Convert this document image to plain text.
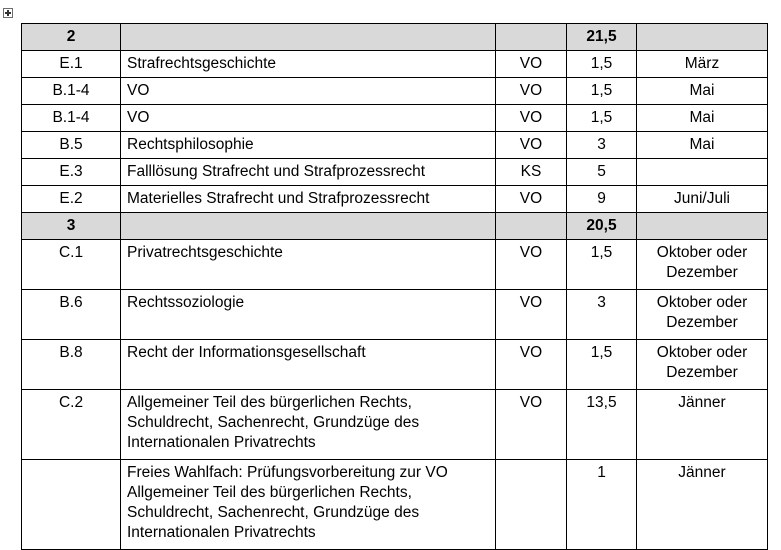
2			21,5	
E.1	Strafrechtsgeschichte	VO	1,5	März
B.1-4	VO	VO	1,5	Mai
B.1-4	VO	VO	1,5	Mai
B.5	Rechtsphilosophie	VO	3	Mai
E.3	Falllösung Strafrecht und Strafprozessrecht	KS	5	
E.2	Materielles Strafrecht und Strafprozessrecht	VO	9	Juni/Juli
3			20,5	
C.1	Privatrechtsgeschichte	VO	1,5	Oktober oder
Dezember
B.6	Rechtssoziologie	VO	3	Oktober oder
Dezember
B.8	Recht der Informationsgesellschaft	VO	1,5	Oktober oder
Dezember
C.2	Allgemeiner Teil des bürgerlichen Rechts,
Schuldrecht, Sachenrecht, Grundzüge des
Internationalen Privatrechts	VO	13,5	Jänner
	Freies Wahlfach: Prüfungsvorbereitung zur VO
Allgemeiner Teil des bürgerlichen Rechts,
Schuldrecht, Sachenrecht, Grundzüge des
Internationalen Privatrechts		1	Jänner
